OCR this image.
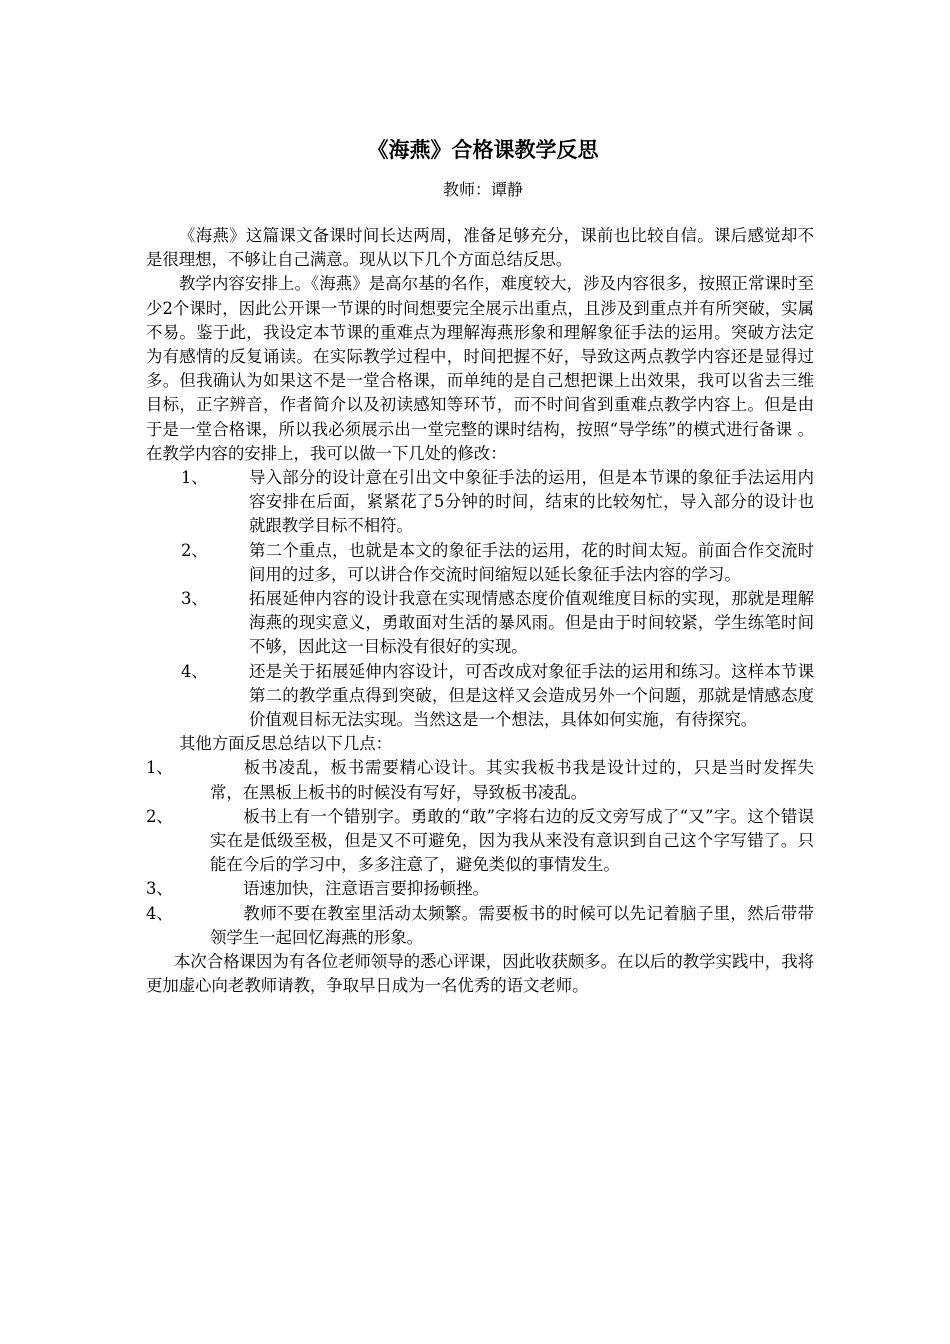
《海燕》合格课教学反思
教师：谭静

《海燕》这篇课文备课时间长达两周，准备足够充分，课前也比较自信。课后感觉却不是很理想，不够让自己满意。现从以下几个方面总结反思。

教学内容安排上。《海燕》是高尔基的名作，难度较大，涉及内容很多，按照正常课时至少2个课时，因此公开课一节课的时间想要完全展示出重点，且涉及到重点并有所突破，实属不易。鉴于此，我设定本节课的重难点为理解海燕形象和理解象征手法的运用。突破方法定为有感情的反复诵读。在实际教学过程中，时间把握不好，导致这两点教学内容还是显得过多。但我确认为如果这不是一堂合格课，而单纯的是自己想把课上出效果，我可以省去三维目标，正字辨音，作者简介以及初读感知等环节，而不时间省到重难点教学内容上。但是由于是一堂合格课，所以我必须展示出一堂完整的课时结构，按照“导学练”的模式进行备课 。在教学内容的安排上，我可以做一下几处的修改：

1、	导入部分的设计意在引出文中象征手法的运用，但是本节课的象征手法运用内容安排在后面，紧紧花了5分钟的时间，结束的比较匆忙，导入部分的设计也就跟教学目标不相符。
2、	第二个重点，也就是本文的象征手法的运用，花的时间太短。前面合作交流时间用的过多，可以讲合作交流时间缩短以延长象征手法内容的学习。
3、	拓展延伸内容的设计我意在实现情感态度价值观维度目标的实现，那就是理解海燕的现实意义，勇敢面对生活的暴风雨。但是由于时间较紧，学生练笔时间不够，因此这一目标没有很好的实现。
4、	还是关于拓展延伸内容设计，可否改成对象征手法的运用和练习。这样本节课第二的教学重点得到突破，但是这样又会造成另外一个问题，那就是情感态度价值观目标无法实现。当然这是一个想法，具体如何实施，有待探究。

其他方面反思总结以下几点：

1、	板书凌乱，板书需要精心设计。其实我板书我是设计过的，只是当时发挥失常，在黑板上板书的时候没有写好，导致板书凌乱。

2、	板书上有一个错别字。勇敢的“敢”字将右边的反文旁写成了“又”字。这个错误实在是低级至极，但是又不可避免，因为我从来没有意识到自己这个字写错了。只能在今后的学习中，多多注意了，避免类似的事情发生。

3、	语速加快，注意语言要抑扬顿挫。

4、	教师不要在教室里活动太频繁。需要板书的时候可以先记着脑子里，然后带带领学生一起回忆海燕的形象。

本次合格课因为有各位老师领导的悉心评课，因此收获颇多。在以后的教学实践中，我将更加虚心向老教师请教，争取早日成为一名优秀的语文老师。
